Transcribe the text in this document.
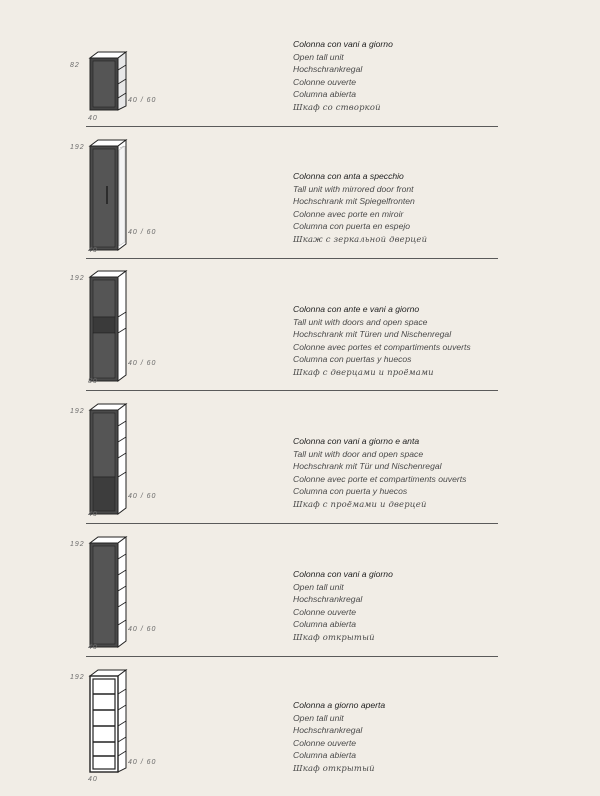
82
40 / 60
40
Colonna con vani a giorno
Open tall unit
Hochschrankregal
Colonne ouverte
Columna abierta
Шкаф со створкой
192
40 / 60
40
Colonna con anta a specchio
Tall unit with mirrored door front
Hochschrank mit Spiegelfronten
Colonne avec porte en miroir
Columna con puerta en espejo
Шкаж с зеркальной дверцей
192
40 / 60
80
Colonna con ante e vani a giorno
Tall unit with doors and open space
Hochschrank mit Türen und Nischenregal
Colonne avec portes et compartiments ouverts
Columna con puertas y huecos
Шкаф с дверцами и проёмами
192
40 / 60
40
Colonna con vani a giorno e anta
Tall unit with door and open space
Hochschrank mit Tür und Nischenregal
Colonne avec porte et compartiments ouverts
Columna con puerta y huecos
Шкаф с проёмами и дверцей
192
40 / 60
40
Colonna con vani a giorno
Open tall unit
Hochschrankregal
Colonne ouverte
Columna abierta
Шкаф открытый
192
40 / 60
40
Colonna a giorno aperta
Open tall unit
Hochschrankregal
Colonne ouverte
Columna abierta
Шкаф открытый
